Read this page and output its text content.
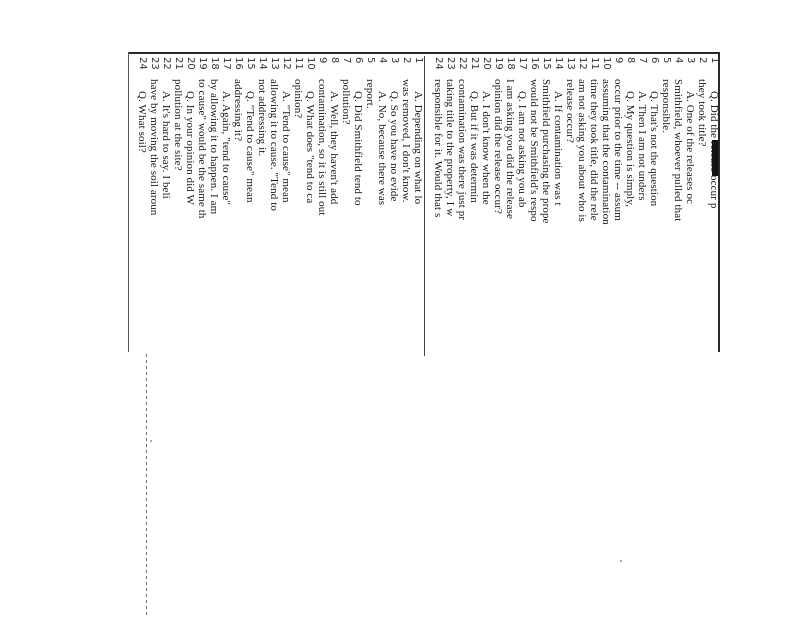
1
Q. Did the release occur p
2
they took title?
3
A. One of the releases oc
4
Smithfield, whoever pulled that
5
responsible.
6
Q. That's not the question
7
A. Then I am not unders
8
Q. My question is simply,
9
occur prior to the time -- assum
10
assuming that the contamination
11
time they took title, did the rele
12
am not asking you about who is
13
release occur?
14
A. If contamination was t
15
Smithfield purchasing the prope
16
would not be Smithfield's respo
17
Q. I am not asking you ab
18
I am asking you did the release
19
opinion did the release occur?
20
A. I don't know when the
21
Q. But if it was determin
22
contamination was there just pr
23
taking title to the property, I w
24
responsible for it. Would that s
1
A. Depending on what lo
2
was removed, I don't know.
3
Q. So you have no evide
4
A. No, because there was
5
report.
6
Q. Did Smithfield tend to
7
pollution?
8
A. Well, they haven't add
9
contamination, so it is still out
10
Q. What does "tend to ca
11
opinion?
12
A. "Tend to cause" mean
13
allowing it to cause. "Tend to
14
not addressing it.
15
Q. "Tend to cause" mean
16
addressing it?
17
A. Again, "tend to cause"
18
by allowing it to happen. I am
19
to cause" would be the same th
20
Q. In your opinion did W
21
pollution at the site?
22
A. It's hard to say. I beli
23
have by moving the soil aroun
24
Q. What soil?
